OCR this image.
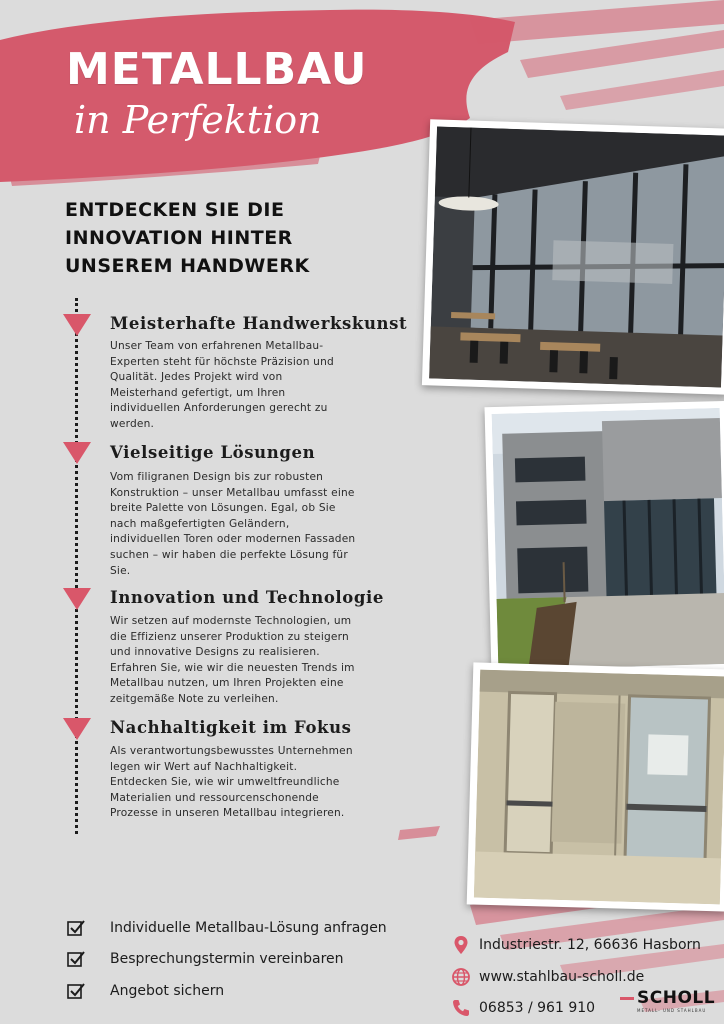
METALLBAU

in Perfektion

ENTDECKEN SIE DIE
INNOVATION HINTER
UNSEREM HANDWERK
Meisterhafte Handwerkskunst
Unser Team von erfahrenen Metallbau-
Experten steht für höchste Präzision und
Qualität. Jedes Projekt wird von
Meisterhand gefertigt, um Ihren
individuellen Anforderungen gerecht zu
werden.
Vielseitige Lösungen
Vom filigranen Design bis zur robusten
Konstruktion – unser Metallbau umfasst eine
breite Palette von Lösungen. Egal, ob Sie
nach maßgefertigten Geländern,
individuellen Toren oder modernen Fassaden
suchen – wir haben die perfekte Lösung für
Sie.
Innovation und Technologie
Wir setzen auf modernste Technologien, um
die Effizienz unserer Produktion zu steigern
und innovative Designs zu realisieren.
Erfahren Sie, wie wir die neuesten Trends im
Metallbau nutzen, um Ihren Projekten eine
zeitgemäße Note zu verleihen.
Nachhaltigkeit im Fokus
Als verantwortungsbewusstes Unternehmen
legen wir Wert auf Nachhaltigkeit.
Entdecken Sie, wie wir umweltfreundliche
Materialien und ressourcenschonende
Prozesse in unseren Metallbau integrieren.
Individuelle Metallbau-Lösung anfragen
Besprechungstermin vereinbaren
Angebot sichern
Industriestr. 12, 66636 Hasborn
www.stahlbau-scholl.de
06853 / 961 910	SCHOLL
METALL- UND STAHLBAU
